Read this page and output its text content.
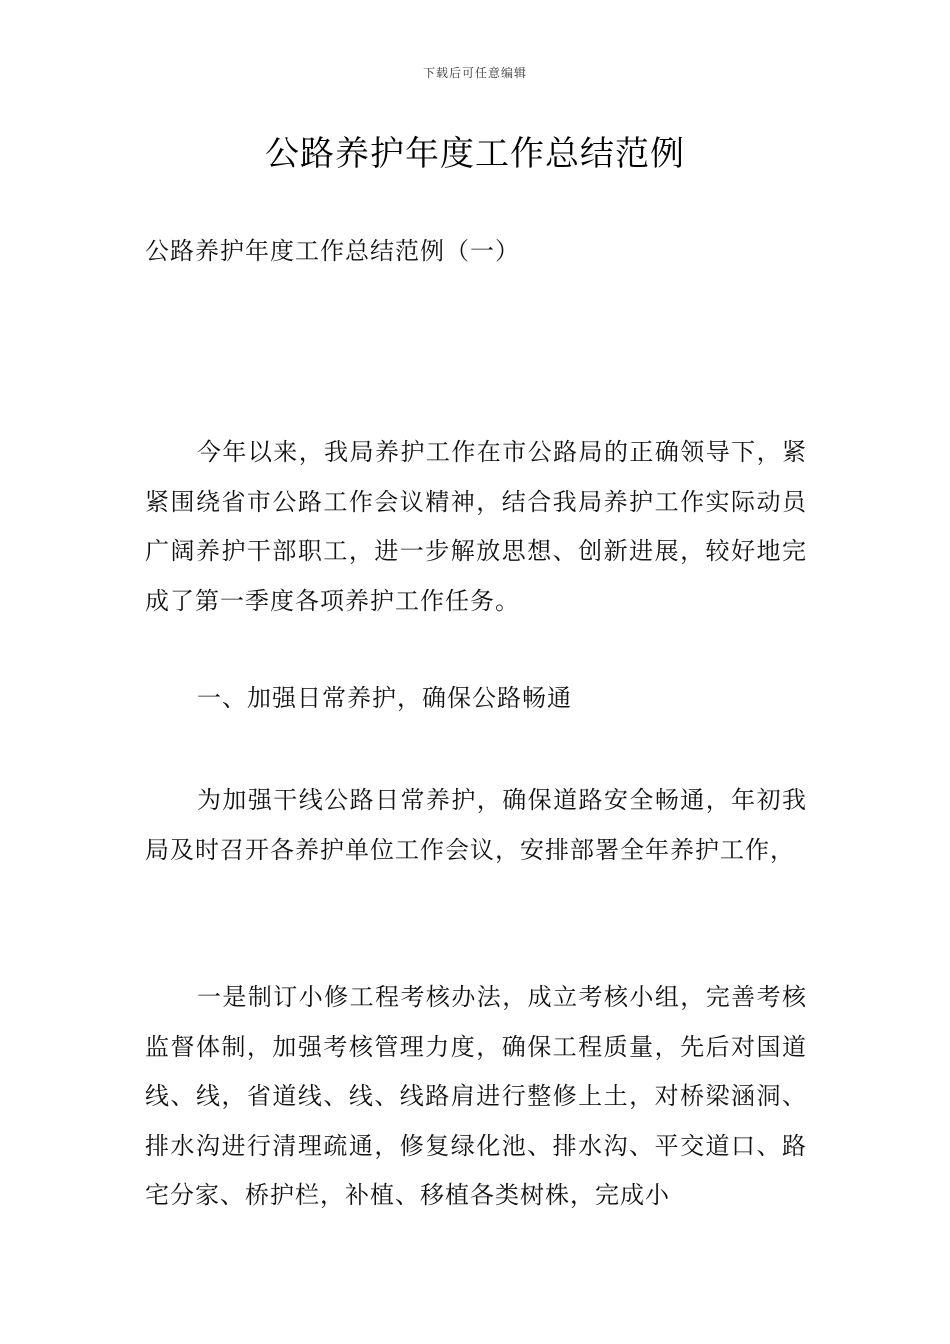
下载后可任意编辑
公路养护年度工作总结范例

公路养护年度工作总结范例（一）

今年以来，我局养护工作在市公路局的正确领导下，紧紧围绕省市公路工作会议精神，结合我局养护工作实际动员广阔养护干部职工，进一步解放思想、创新进展，较好地完成了第一季度各项养护工作任务。

一、加强日常养护，确保公路畅通

为加强干线公路日常养护，确保道路安全畅通，年初我局及时召开各养护单位工作会议，安排部署全年养护工作，

一是制订小修工程考核办法，成立考核小组，完善考核监督体制，加强考核管理力度，确保工程质量，先后对国道线、线，省道线、线、线路肩进行整修上土，对桥梁涵洞、排水沟进行清理疏通，修复绿化池、排水沟、平交道口、路宅分家、桥护栏，补植、移植各类树株，完成小
